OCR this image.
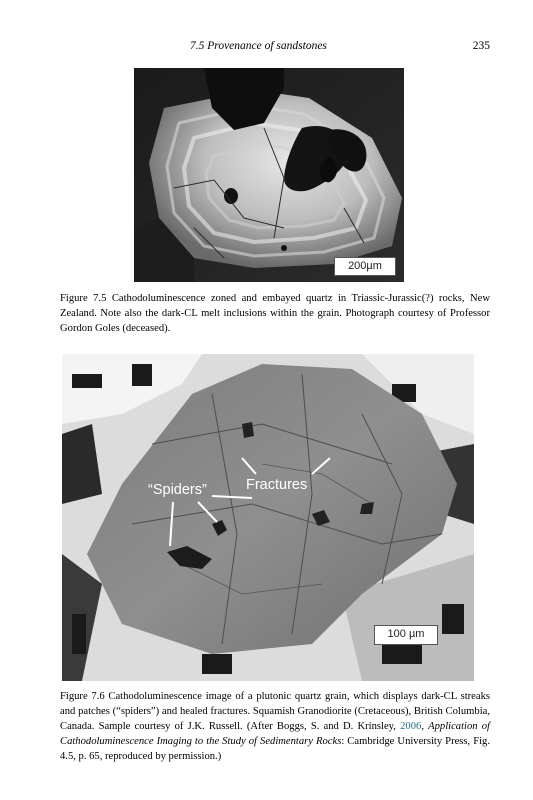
7.5 Provenance of sandstones	235
200µm
Figure 7.5 Cathodoluminescence zoned and embayed quartz in Triassic-Jurassic(?) rocks, New Zealand. Note also the dark-CL melt inclusions within the grain. Photograph courtesy of Professor Gordon Goles (deceased).
“Spiders”	Fractures
100 µm
Figure 7.6 Cathodoluminescence image of a plutonic quartz grain, which displays dark-CL streaks and patches (“spiders”) and healed fractures. Squamish Granodiorite (Cretaceous), British Columbia, Canada. Sample courtesy of J.K. Russell. (After Boggs, S. and D. Krinsley, 2006, Application of Cathodoluminescence Imaging to the Study of Sedimentary Rocks: Cambridge University Press, Fig. 4.5, p. 65, reproduced by permission.)
